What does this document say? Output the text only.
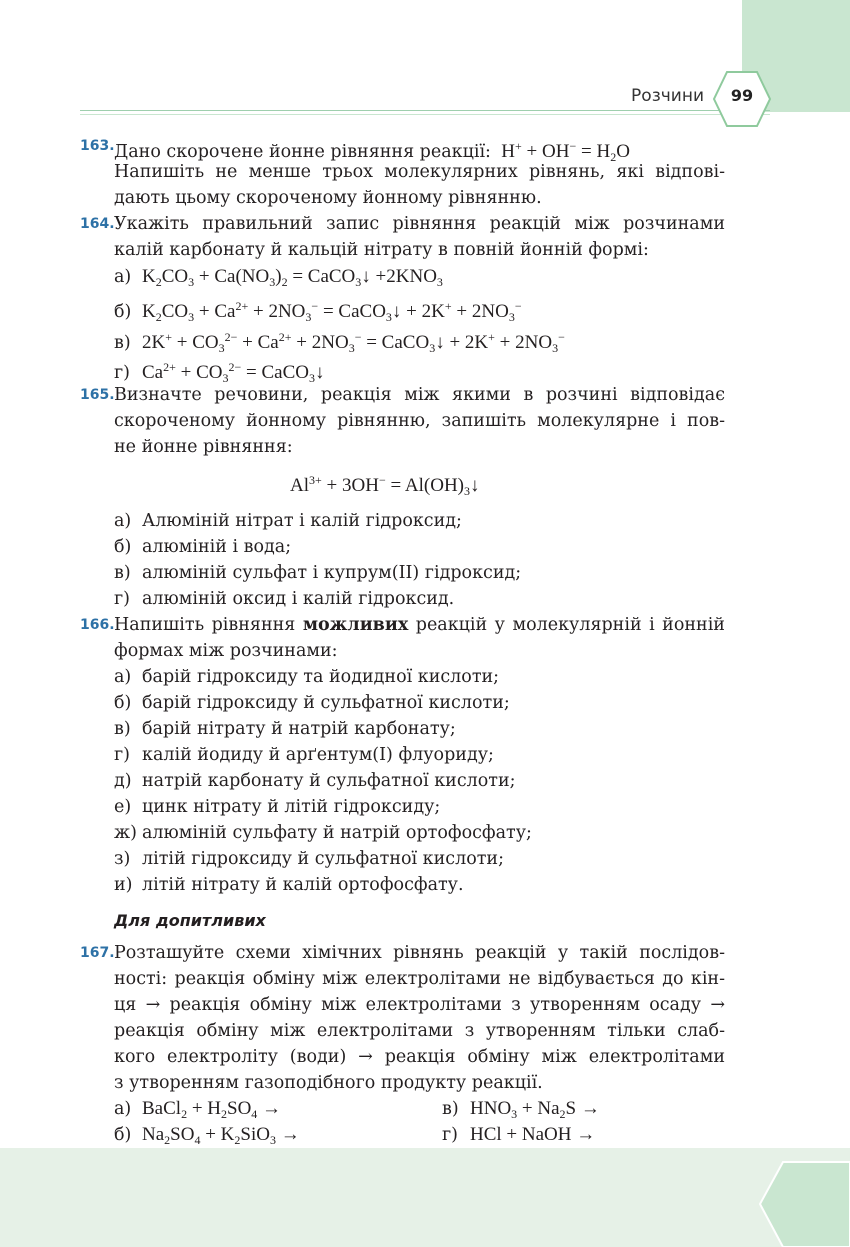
Розчини	99
163. Дано скорочене йонне рівняння реакції:  $H^+ + OH^- = H_2O$
Напишіть не менше трьох молекулярних рівнянь, які відпові-
дають цьому скороченому йонному рівнянню.
164. Укажіть правильний запис рівняння реакцій між розчинами
калій карбонату й кальцій нітрату в повній йонній формі:
а) $K_2CO_3 + Ca(NO_3)_2$ = CaCO$_3$↓ $+2KNO_3$
б) $K_2CO_3 + Ca^{2+} + 2NO_3^-$ = CaCO$_3$↓ + $2K^+ + 2NO_3^-$
в) $2K^+ + CO_3^{2-} + Ca^{2+} + 2NO_3^-$ = CaCO$_3$↓ + $2K^+ + 2NO_3^-$
г) $Ca^{2+} + CO_3^{2-}$ = CaCO$_3$↓
165. Визначте речовини, реакція між якими в розчині відповідає
скороченому йонному рівнянню, запишіть молекулярне і пов-
не йонне рівняння:
$Al^{3+} + 3OH^-$ = $Al(OH)_3↓$
а) Алюміній нітрат і калій гідроксид;
б) алюміній і вода;
в) алюміній сульфат і купрум(ІІ) гідроксид;
г) алюміній оксид і калій гідроксид.
166. Напишіть рівняння можливих реакцій у молекулярній і йонній
формах між розчинами:
а) барій гідроксиду та йодидної кислоти;
б) барій гідроксиду й сульфатної кислоти;
в) барій нітрату й натрій карбонату;
г) калій йодиду й арґентум(І) флуориду;
д) натрій карбонату й сульфатної кислоти;
е) цинк нітрату й літій гідроксиду;
ж) алюміній сульфату й натрій ортофосфату;
з) літій гідроксиду й сульфатної кислоти;
и) літій нітрату й калій ортофосфату.
Для допитливих
167. Розташуйте схеми хімічних рівнянь реакцій у такій послідов-
ності: реакція обміну між електролітами не відбувається до кін-
ця → реакція обміну між електролітами з утворенням осаду →
реакція обміну між електролітами з утворенням тільки слаб-
кого електроліту (води) → реакція обміну між електролітами
з утворенням газоподібного продукту реакції.
а) BaCl$_2$ + $H_2SO_4$ →	в) $HNO_3 + Na_2S$ →
б) $Na_2SO_4 + K_2SiO_3$ →	г) HCl + NaOH →
